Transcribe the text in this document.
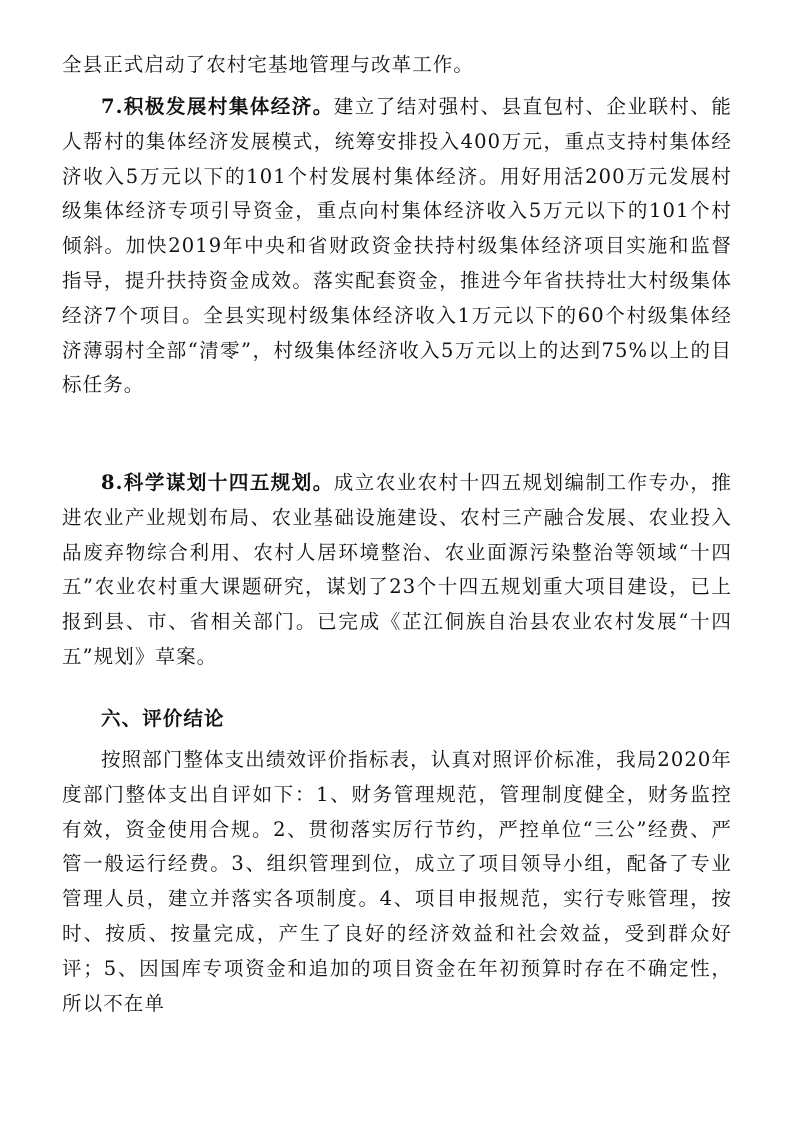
全县正式启动了农村宅基地管理与改革工作。

7.积极发展村集体经济。建立了结对强村、县直包村、企业联村、能人帮村的集体经济发展模式，统筹安排投入400万元，重点支持村集体经济收入5万元以下的101个村发展村集体经济。用好用活200万元发展村级集体经济专项引导资金，重点向村集体经济收入5万元以下的101个村倾斜。加快2019年中央和省财政资金扶持村级集体经济项目实施和监督指导，提升扶持资金成效。落实配套资金，推进今年省扶持壮大村级集体经济7个项目。全县实现村级集体经济收入1万元以下的60个村级集体经济薄弱村全部“清零”，村级集体经济收入5万元以上的达到75%以上的目标任务。

8.科学谋划十四五规划。成立农业农村十四五规划编制工作专办，推进农业产业规划布局、农业基础设施建设、农村三产融合发展、农业投入品废弃物综合利用、农村人居环境整治、农业面源污染整治等领域“十四五”农业农村重大课题研究，谋划了23个十四五规划重大项目建设，已上报到县、市、省相关部门。已完成《芷江侗族自治县农业农村发展“十四五”规划》草案。

六、评价结论

按照部门整体支出绩效评价指标表，认真对照评价标准，我局2020年度部门整体支出自评如下：1、财务管理规范，管理制度健全，财务监控有效，资金使用合规。2、贯彻落实厉行节约，严控单位“三公”经费、严管一般运行经费。3、组织管理到位，成立了项目领导小组，配备了专业管理人员，建立并落实各项制度。4、项目申报规范，实行专账管理，按时、按质、按量完成，产生了良好的经济效益和社会效益，受到群众好评；5、因国库专项资金和追加的项目资金在年初预算时存在不确定性，所以不在单
